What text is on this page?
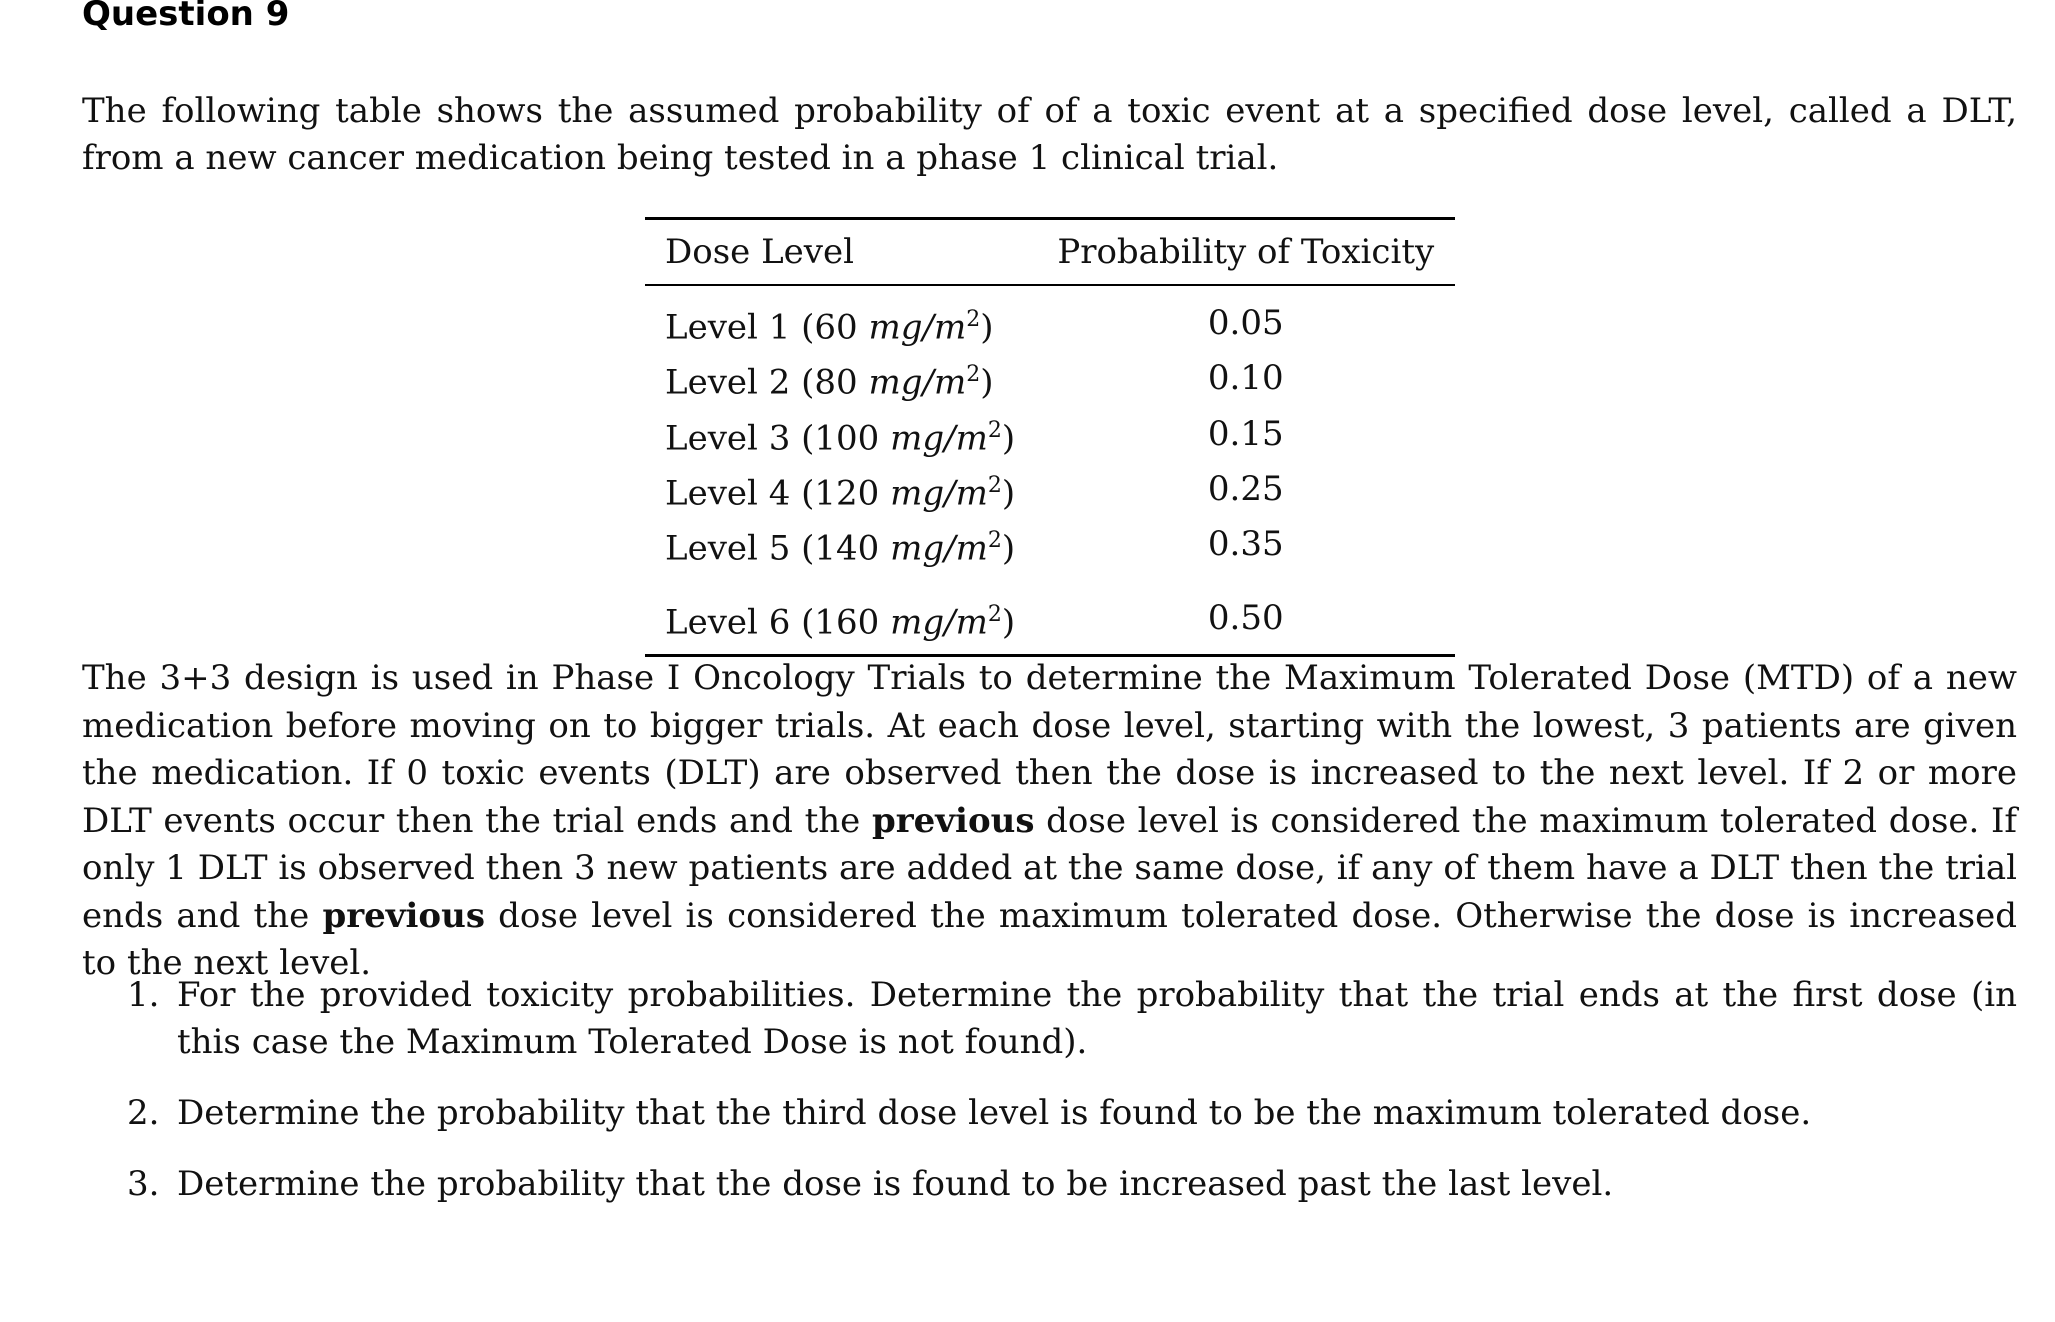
Question 9

The following table shows the assumed probability of of a toxic event at a specified dose level, called a DLT, from a new cancer medication being tested in a phase 1 clinical trial.

Dose Level	Probability of Toxicity
Level 1 (60 $mg/m^2$)	0.05
Level 2 (80 $mg/m^2$)	0.10
Level 3 (100 $mg/m^2$)	0.15
Level 4 (120 $mg/m^2$)	0.25
Level 5 (140 $mg/m^2$)	0.35
Level 6 (160 $mg/m^2$)	0.50

The 3+3 design is used in Phase I Oncology Trials to determine the Maximum Tolerated Dose (MTD) of a new medication before moving on to bigger trials. At each dose level, starting with the lowest, 3 patients are given the medication. If 0 toxic events (DLT) are observed then the dose is increased to the next level. If 2 or more DLT events occur then the trial ends and the previous dose level is considered the maximum tolerated dose. If only 1 DLT is observed then 3 new patients are added at the same dose, if any of them have a DLT then the trial ends and the previous dose level is considered the maximum tolerated dose. Otherwise the dose is increased to the next level.

1. For the provided toxicity probabilities. Determine the probability that the trial ends at the first dose (in this case the Maximum Tolerated Dose is not found).
2. Determine the probability that the third dose level is found to be the maximum tolerated dose.
3. Determine the probability that the dose is found to be increased past the last level.
